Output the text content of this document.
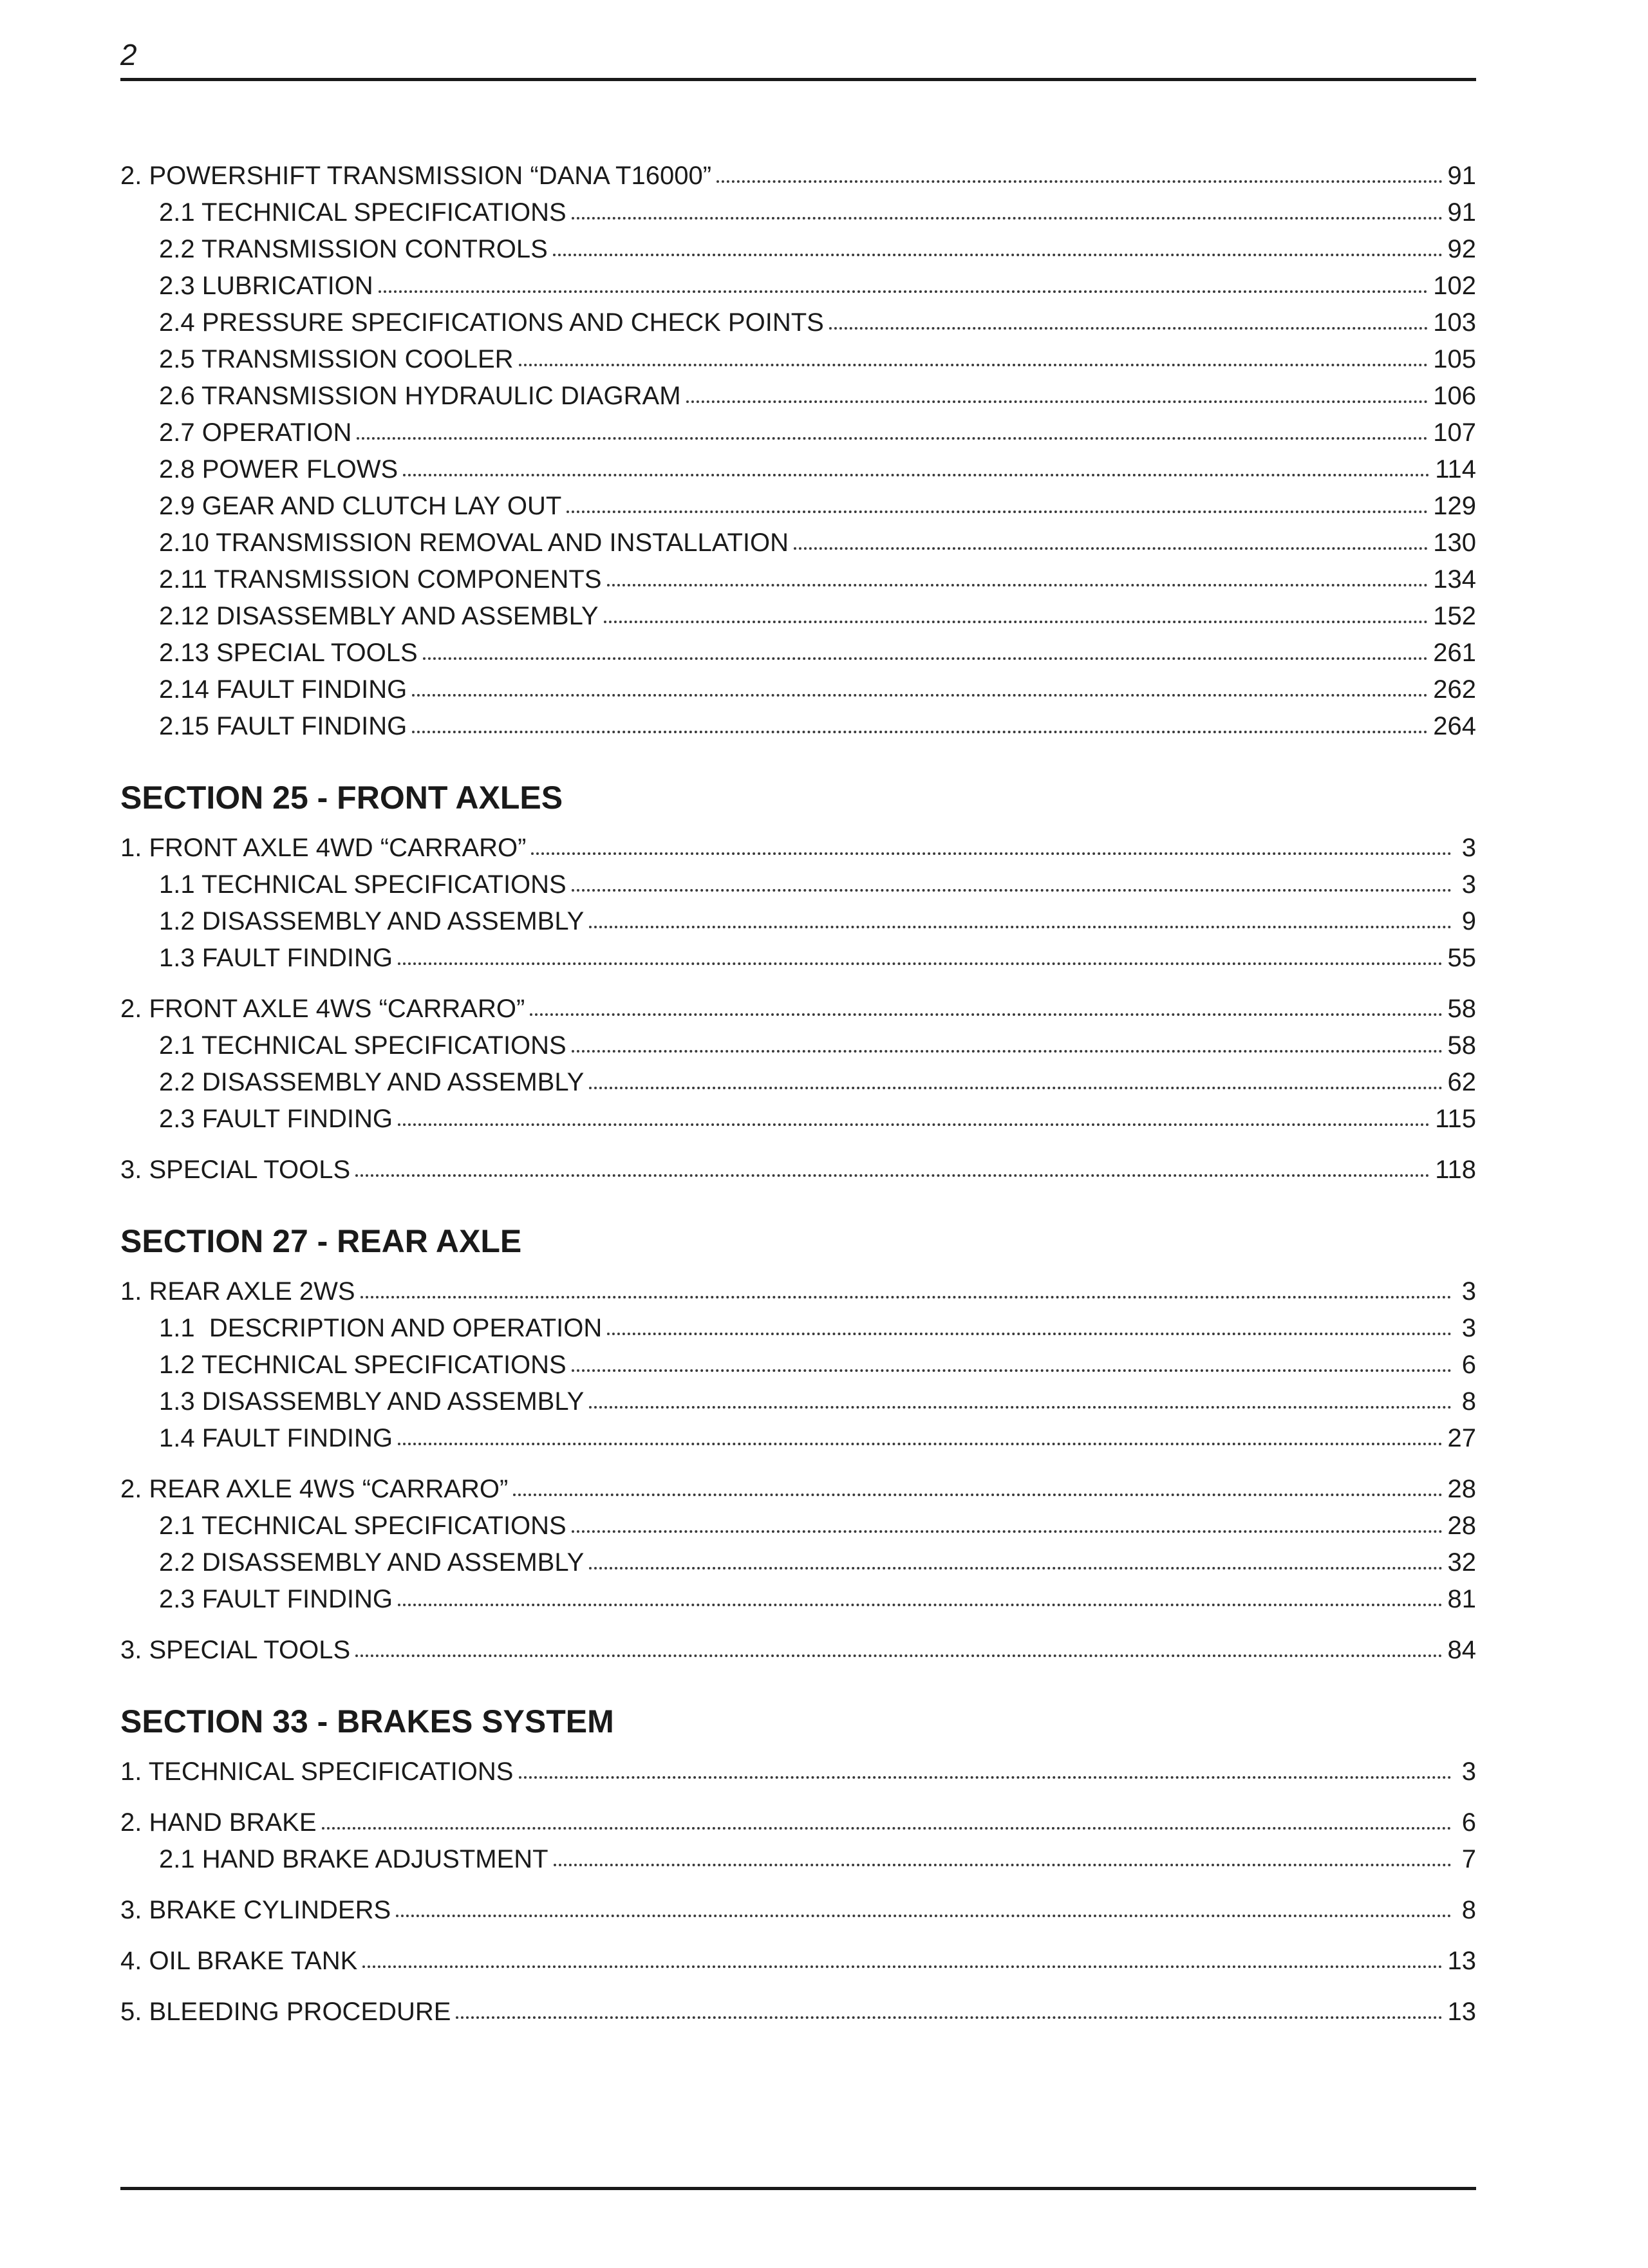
2
2. POWERSHIFT TRANSMISSION “DANA T16000”	91
2.1 TECHNICAL SPECIFICATIONS	91
2.2 TRANSMISSION CONTROLS	92
2.3 LUBRICATION	102
2.4 PRESSURE SPECIFICATIONS AND CHECK POINTS	103
2.5 TRANSMISSION COOLER	105
2.6 TRANSMISSION HYDRAULIC DIAGRAM	106
2.7 OPERATION	107
2.8 POWER FLOWS	114
2.9 GEAR AND CLUTCH LAY OUT	129
2.10 TRANSMISSION REMOVAL AND INSTALLATION	130
2.11 TRANSMISSION COMPONENTS	134
2.12 DISASSEMBLY AND ASSEMBLY	152
2.13 SPECIAL TOOLS	261
2.14 FAULT FINDING	262
2.15 FAULT FINDING	264
SECTION 25 - FRONT AXLES
1. FRONT AXLE 4WD “CARRARO”	3
1.1 TECHNICAL SPECIFICATIONS	3
1.2 DISASSEMBLY AND ASSEMBLY	9
1.3 FAULT FINDING	55
2. FRONT AXLE 4WS “CARRARO”	58
2.1 TECHNICAL SPECIFICATIONS	58
2.2 DISASSEMBLY AND ASSEMBLY	62
2.3 FAULT FINDING	115
3. SPECIAL TOOLS	118
SECTION 27 - REAR AXLE
1. REAR AXLE 2WS	3
1.1  DESCRIPTION AND OPERATION	3
1.2 TECHNICAL SPECIFICATIONS	6
1.3 DISASSEMBLY AND ASSEMBLY	8
1.4 FAULT FINDING	27
2. REAR AXLE 4WS “CARRARO”	28
2.1 TECHNICAL SPECIFICATIONS	28
2.2 DISASSEMBLY AND ASSEMBLY	32
2.3 FAULT FINDING	81
3. SPECIAL TOOLS	84
SECTION 33 - BRAKES SYSTEM
1. TECHNICAL SPECIFICATIONS	3
2. HAND BRAKE	6
2.1 HAND BRAKE ADJUSTMENT	7
3. BRAKE CYLINDERS	8
4. OIL BRAKE TANK	13
5. BLEEDING PROCEDURE	13
